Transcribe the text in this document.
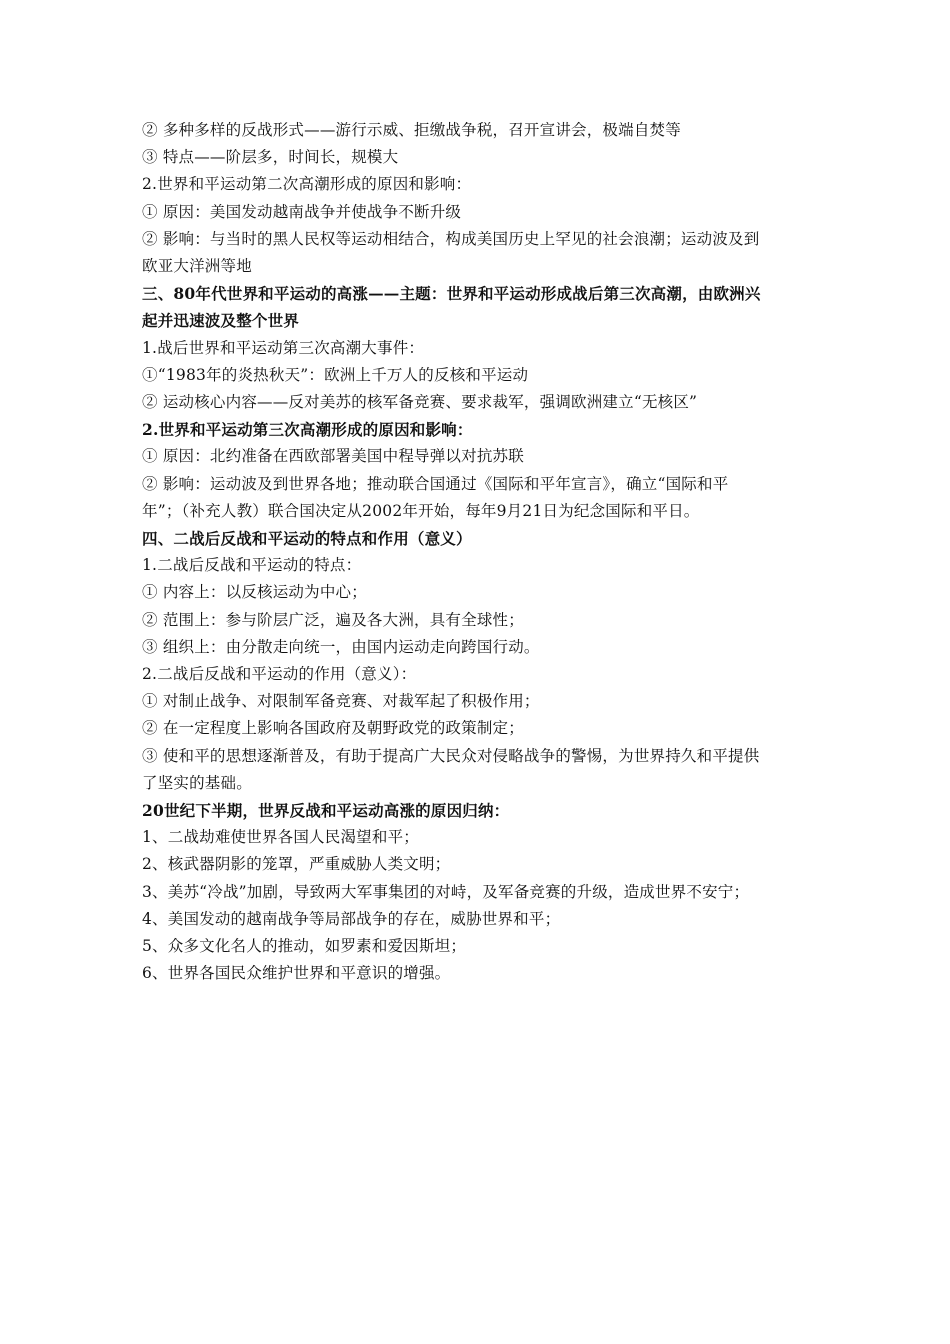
② 多种多样的反战形式——游行示威、拒缴战争税，召开宣讲会，极端自焚等
③ 特点——阶层多，时间长，规模大
2.世界和平运动第二次高潮形成的原因和影响：
① 原因：美国发动越南战争并使战争不断升级
② 影响：与当时的黑人民权等运动相结合，构成美国历史上罕见的社会浪潮；运动波及到
欧亚大洋洲等地
三、80年代世界和平运动的高涨——主题：世界和平运动形成战后第三次高潮，由欧洲兴
起并迅速波及整个世界
1.战后世界和平运动第三次高潮大事件：
①“1983年的炎热秋天”：欧洲上千万人的反核和平运动
② 运动核心内容——反对美苏的核军备竞赛、要求裁军，强调欧洲建立“无核区”
2.世界和平运动第三次高潮形成的原因和影响：
① 原因：北约准备在西欧部署美国中程导弹以对抗苏联
② 影响：运动波及到世界各地；推动联合国通过《国际和平年宣言》，确立“国际和平
年”；（补充人教）联合国决定从2002年开始，每年9月21日为纪念国际和平日。
四、二战后反战和平运动的特点和作用（意义）
1.二战后反战和平运动的特点：
① 内容上：以反核运动为中心；
② 范围上：参与阶层广泛，遍及各大洲，具有全球性；
③ 组织上：由分散走向统一，由国内运动走向跨国行动。
2.二战后反战和平运动的作用（意义）：
① 对制止战争、对限制军备竞赛、对裁军起了积极作用；
② 在一定程度上影响各国政府及朝野政党的政策制定；
③ 使和平的思想逐渐普及，有助于提高广大民众对侵略战争的警惕，为世界持久和平提供
了坚实的基础。
20世纪下半期，世界反战和平运动高涨的原因归纳：
1、二战劫难使世界各国人民渴望和平；
2、核武器阴影的笼罩，严重威胁人类文明；
3、美苏“冷战”加剧，导致两大军事集团的对峙，及军备竞赛的升级，造成世界不安宁；
4、美国发动的越南战争等局部战争的存在，威胁世界和平；
5、众多文化名人的推动，如罗素和爱因斯坦；
6、世界各国民众维护世界和平意识的增强。
